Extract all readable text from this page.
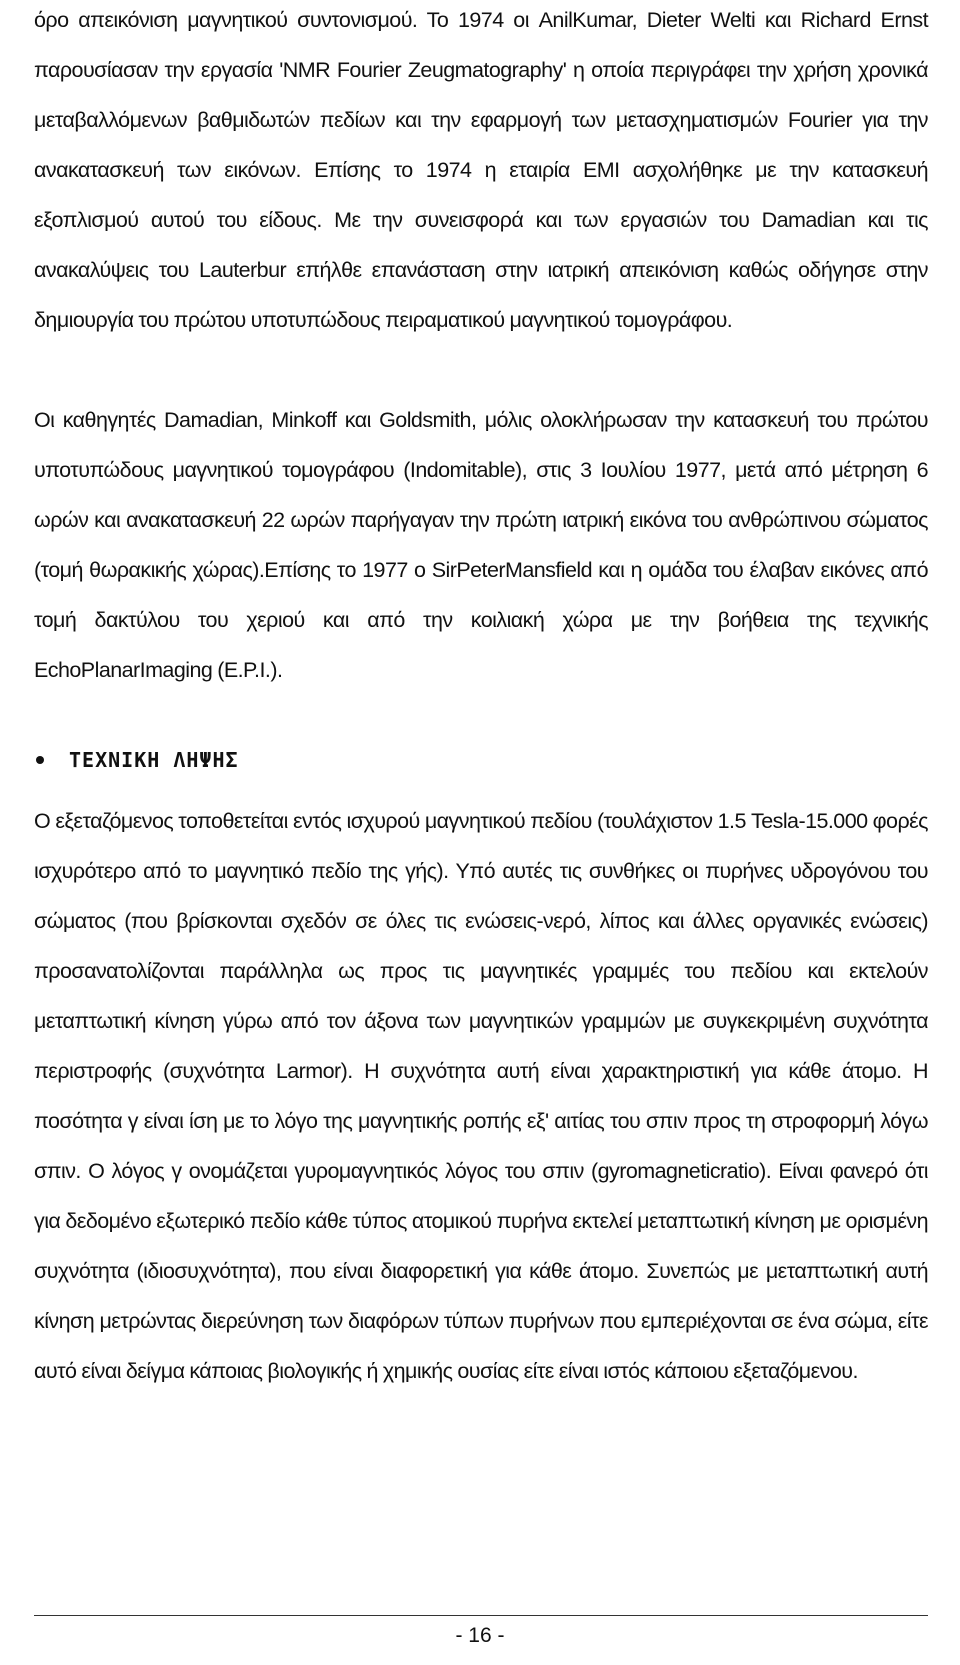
όρο απεικόνιση μαγνητικού συντονισμού. Το 1974 οι AnilKumar, Dieter Welti και Richard Ernst παρουσίασαν την εργασία 'NMR Fourier Zeugmatography' η οποία περιγράφει την χρήση χρονικά μεταβαλλόμενων βαθμιδωτών πεδίων και την εφαρμογή των μετασχηματισμών Fourier για την ανακατασκευή των εικόνων. Επίσης το 1974 η εταιρία EMI ασχολήθηκε με την κατασκευή εξοπλισμού αυτού του είδους. Με την συνεισφορά και των εργασιών του Damadian και τις ανακαλύψεις του Lauterbur επήλθε επανάσταση στην ιατρική απεικόνιση καθώς οδήγησε στην δημιουργία του πρώτου υποτυπώδους πειραματικού μαγνητικού τομογράφου.

Οι καθηγητές Damadian, Minkoff και Goldsmith, μόλις ολοκλήρωσαν την κατασκευή του πρώτου υποτυπώδους μαγνητικού τομογράφου (Indomitable), στις 3 Ιουλίου 1977, μετά από μέτρηση 6 ωρών και ανακατασκευή 22 ωρών παρήγαγαν την πρώτη ιατρική εικόνα του ανθρώπινου σώματος (τομή θωρακικής χώρας).Επίσης το 1977 ο SirPeterMansfield και η ομάδα του έλαβαν εικόνες από τομή δακτύλου του χεριού και από την κοιλιακή χώρα με την βοήθεια της τεχνικής EchoPlanarImaging (E.P.I.).

ΤΕΧΝΙΚΗ ΛΗΨΗΣ

Ο εξεταζόμενος τοποθετείται εντός ισχυρού μαγνητικού πεδίου (τουλάχιστον 1.5 Tesla-15.000 φορές ισχυρότερο από το μαγνητικό πεδίο της γής). Υπό αυτές τις συνθήκες οι πυρήνες υδρογόνου του σώματος (που βρίσκονται σχεδόν σε όλες τις ενώσεις-νερό, λίπος και άλλες οργανικές ενώσεις) προσανατολίζονται παράλληλα ως προς τις μαγνητικές γραμμές του πεδίου και εκτελούν μεταπτωτική κίνηση γύρω από τον άξονα των μαγνητικών γραμμών με συγκεκριμένη συχνότητα περιστροφής (συχνότητα Larmor). Η συχνότητα αυτή είναι χαρακτηριστική για κάθε άτομο. Η ποσότητα γ είναι ίση με το λόγο της μαγνητικής ροπής εξ' αιτίας του σπιν προς τη στροφορμή λόγω σπιν. Ο λόγος γ ονομάζεται γυρομαγνητικός λόγος του σπιν (gyromagneticratio). Είναι φανερό ότι για δεδομένο εξωτερικό πεδίο κάθε τύπος ατομικού πυρήνα εκτελεί μεταπτωτική κίνηση με ορισμένη συχνότητα (ιδιοσυχνότητα), που είναι διαφορετική για κάθε άτομο. Συνεπώς με μεταπτωτική αυτή κίνηση μετρώντας διερεύνηση των διαφόρων τύπων πυρήνων που εμπεριέχονται σε ένα σώμα, είτε αυτό είναι δείγμα κάποιας βιολογικής ή χημικής ουσίας είτε είναι ιστός κάποιου εξεταζόμενου.

- 16 -
